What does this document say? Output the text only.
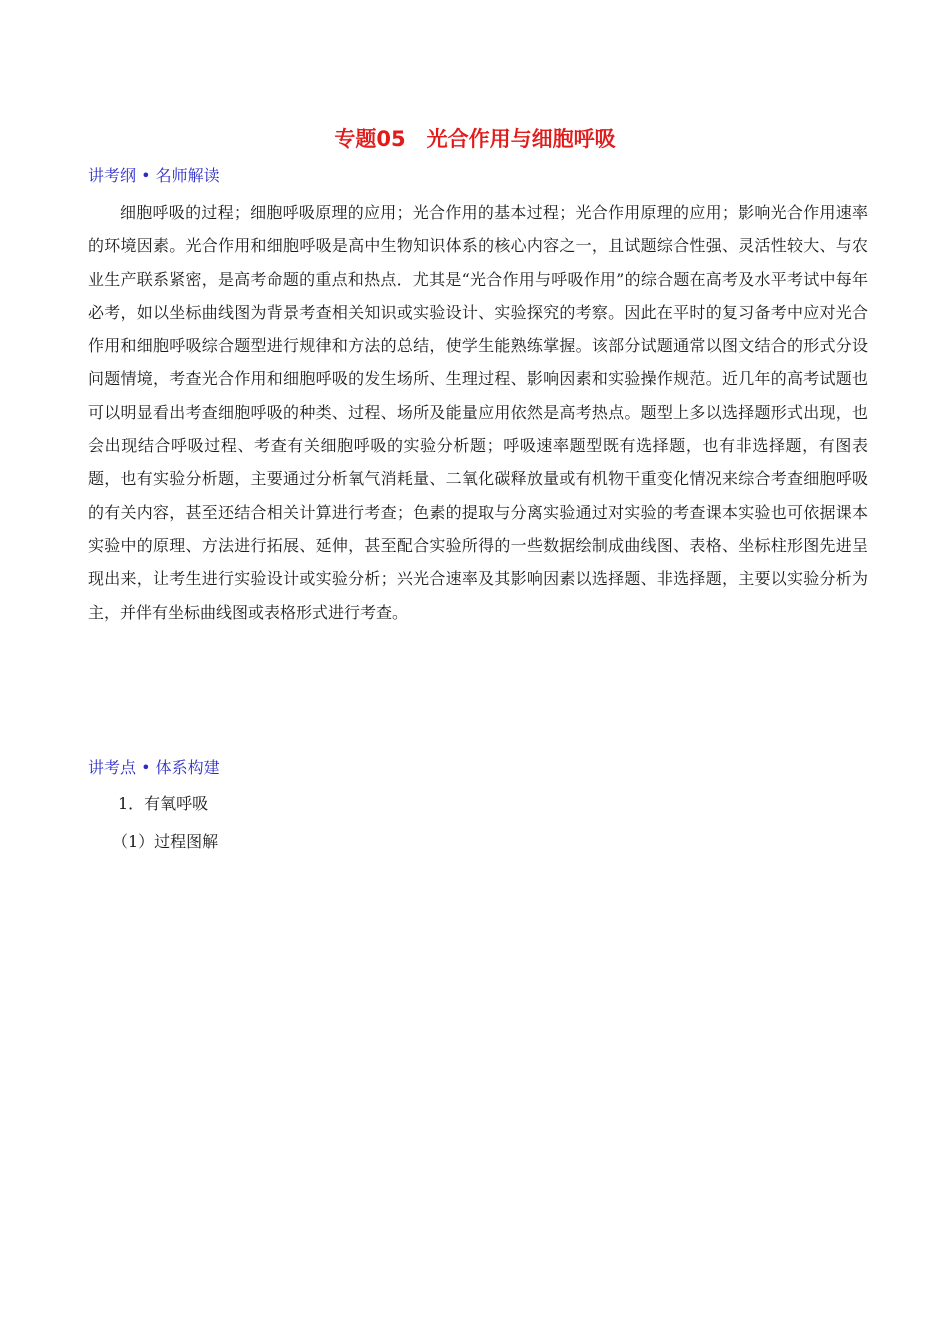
专题05　光合作用与细胞呼吸
讲考纲 • 名师解读

细胞呼吸的过程；细胞呼吸原理的应用；光合作用的基本过程；光合作用原理的应用；影响光合作用速率的环境因素。光合作用和细胞呼吸是高中生物知识体系的核心内容之一，且试题综合性强、灵活性较大、与农业生产联系紧密，是高考命题的重点和热点．尤其是“光合作用与呼吸作用”的综合题在高考及水平考试中每年必考，如以坐标曲线图为背景考查相关知识或实验设计、实验探究的考察。因此在平时的复习备考中应对光合作用和细胞呼吸综合题型进行规律和方法的总结，使学生能熟练掌握。该部分试题通常以图文结合的形式分设问题情境，考查光合作用和细胞呼吸的发生场所、生理过程、影响因素和实验操作规范。近几年的高考试题也可以明显看出考查细胞呼吸的种类、过程、场所及能量应用依然是高考热点。题型上多以选择题形式出现，也会出现结合呼吸过程、考查有关细胞呼吸的实验分析题；呼吸速率题型既有选择题，也有非选择题，有图表题，也有实验分析题，主要通过分析氧气消耗量、二氧化碳释放量或有机物干重变化情况来综合考查细胞呼吸的有关内容，甚至还结合相关计算进行考查；色素的提取与分离实验通过对实验的考查课本实验也可依据课本实验中的原理、方法进行拓展、延伸，甚至配合实验所得的一些数据绘制成曲线图、表格、坐标柱形图先进呈现出来，让考生进行实验设计或实验分析；兴光合速率及其影响因素以选择题、非选择题，主要以实验分析为主，并伴有坐标曲线图或表格形式进行考查。

讲考点 • 体系构建
1．有氧呼吸
（1）过程图解
